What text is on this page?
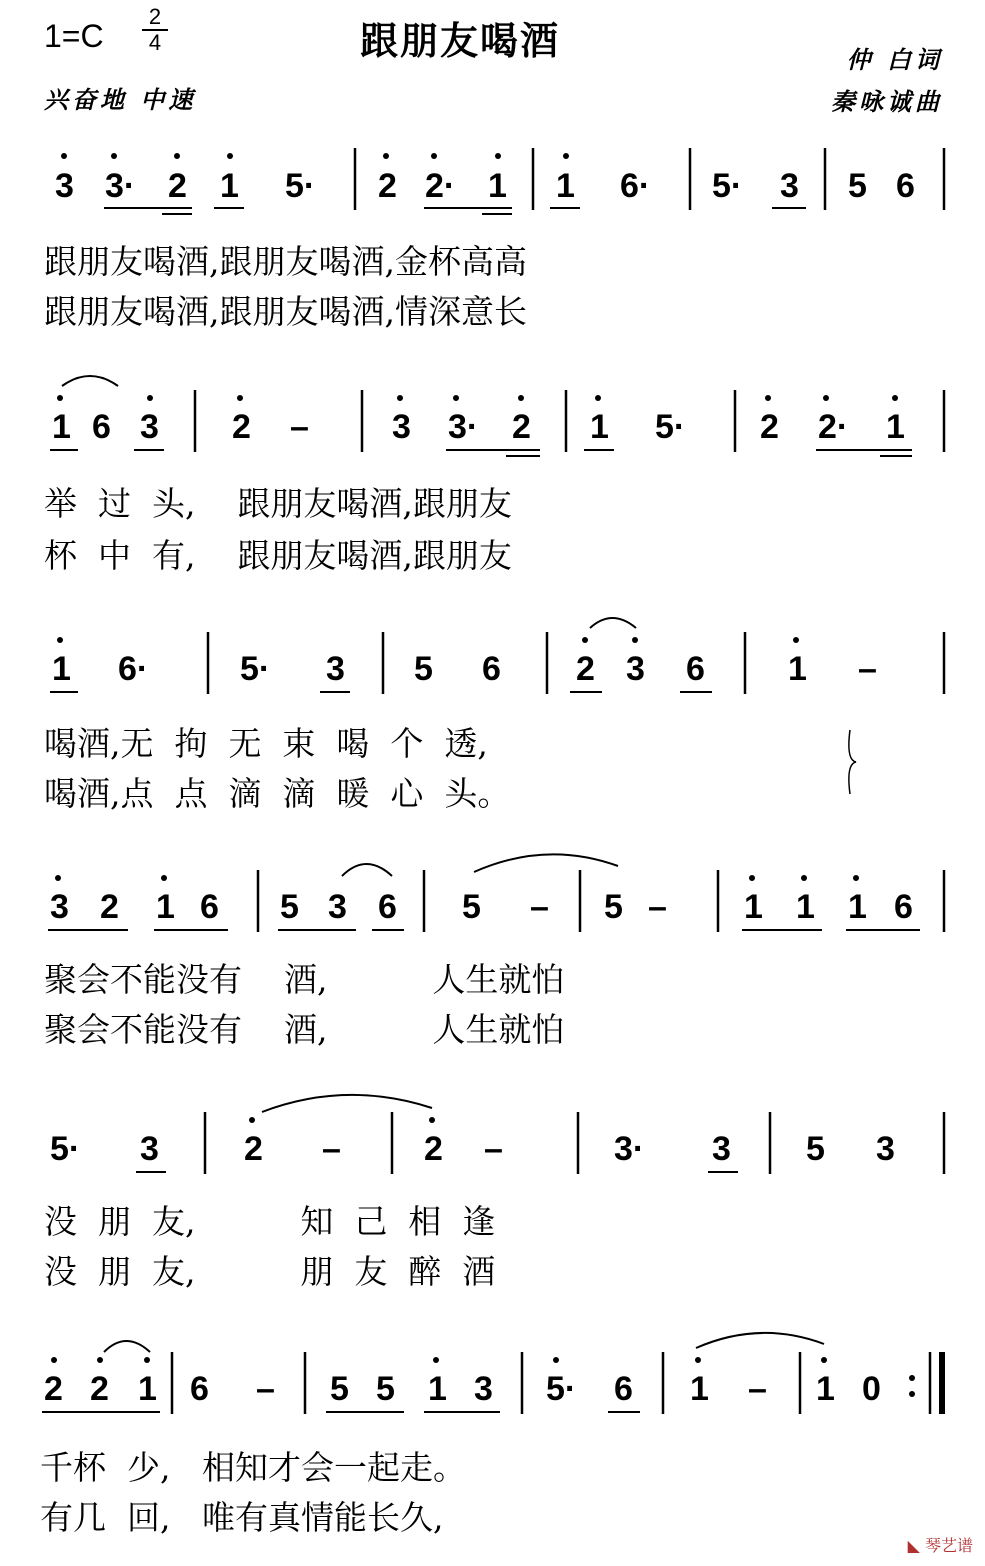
1=C
2
4	跟朋友喝酒
兴奋地 中速
仲 白词
秦咏诚曲
3 3· 2 1 5· 2 2· 1 1 6· 5· 3 5 6
1 6 3 2 – 3 3· 2 1 5· 2 2· 1
1 6·	5· 3 5 6 2 3 6 1 –
3 2 1 6 5 3 6 5 – 5 – 1 1 1 6
5· 3	2 – 2 –	3· 3 5 3
2 2 1 6 – 5 5 1 3 5· 6 1 – 1 0
跟朋友喝酒,跟朋友喝酒,金杯高高
跟朋友喝酒,跟朋友喝酒,情深意长
举  过  头,    跟朋友喝酒,跟朋友
杯  中  有,    跟朋友喝酒,跟朋友
喝酒,无  拘  无  束  喝  个  透,
喝酒,点  点  滴  滴  暖  心  头。
聚会不能没有    酒,          人生就怕
聚会不能没有    酒,          人生就怕
没  朋  友,          知  己  相  逢
没  朋  友,          朋  友  醉  酒
千杯  少,   相知才会一起走。
有几  回,   唯有真情能长久,
◣ 琴艺谱
